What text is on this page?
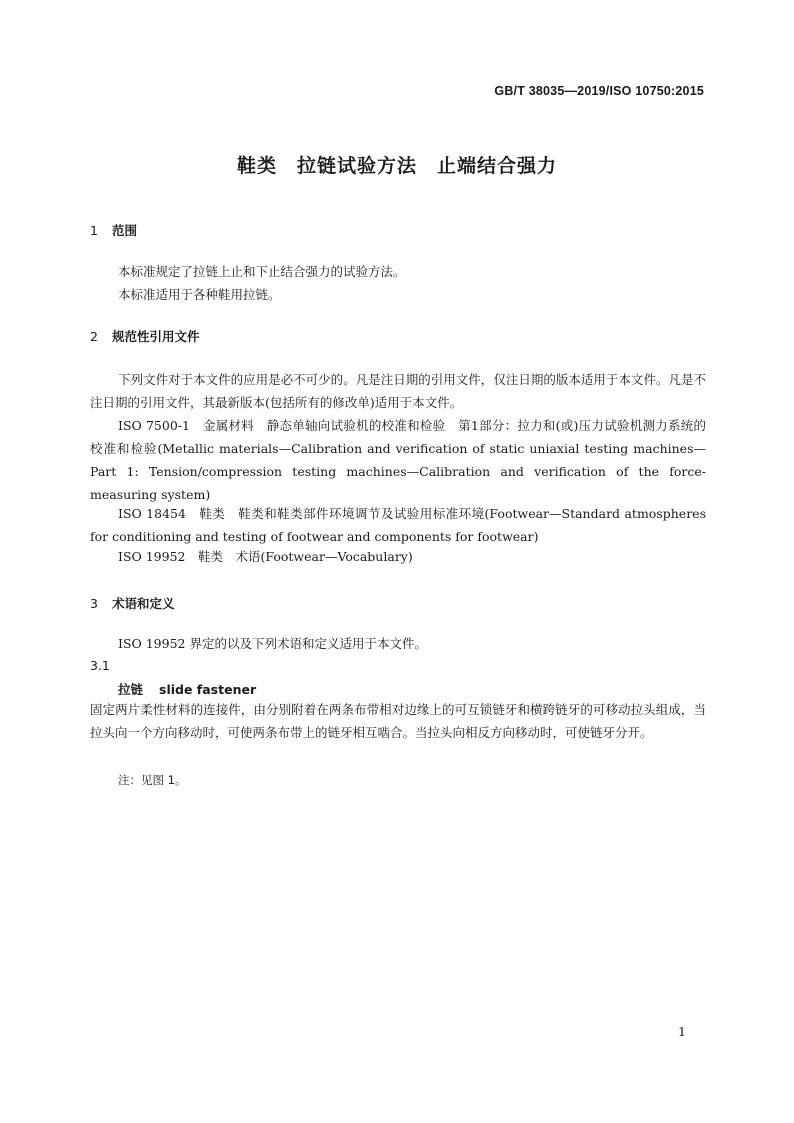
GB/T 38035—2019/ISO 10750:2015
鞋类　拉链试验方法　止端结合强力
1 范围
本标准规定了拉链上止和下止结合强力的试验方法。
本标准适用于各种鞋用拉链。
2 规范性引用文件
下列文件对于本文件的应用是必不可少的。凡是注日期的引用文件，仅注日期的版本适用于本文件。凡是不注日期的引用文件，其最新版本(包括所有的修改单)适用于本文件。
ISO 7500-1　金属材料　静态单轴向试验机的校准和检验　第1部分：拉力和(或)压力试验机测力系统的校准和检验(Metallic materials—Calibration and verification of static uniaxial testing machines—Part 1: Tension/compression testing machines—Calibration and verification of the force-measuring system)
ISO 18454　鞋类　鞋类和鞋类部件环境调节及试验用标准环境(Footwear—Standard atmospheres for conditioning and testing of footwear and components for footwear)
ISO 19952　鞋类　术语(Footwear—Vocabulary)
3 术语和定义
ISO 19952 界定的以及下列术语和定义适用于本文件。
3.1
拉链 slide fastener
固定两片柔性材料的连接件，由分别附着在两条布带相对边缘上的可互锁链牙和横跨链牙的可移动拉头组成，当拉头向一个方向移动时，可使两条布带上的链牙相互啮合。当拉头向相反方向移动时，可使链牙分开。
注：见图 1。
1
